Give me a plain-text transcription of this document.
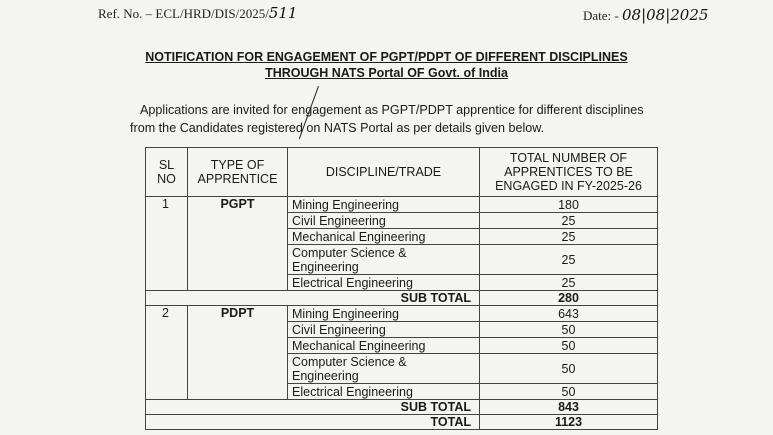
Ref. No. – ECL/HRD/DIS/2025/511	Date: - 08|08|2025
NOTIFICATION FOR ENGAGEMENT OF PGPT/PDPT OF DIFFERENT DISCIPLINES
THROUGH NATS Portal OF Govt. of India
Applications are invited for engagement as PGPT/PDPT apprentice for different disciplines from the Candidates registered on NATS Portal as per details given below.
SL NO	TYPE OF APPRENTICE	DISCIPLINE/TRADE	TOTAL NUMBER OF APPRENTICES TO BE ENGAGED IN FY-2025-26
1	PGPT	Mining Engineering	180
		Civil Engineering	25
		Mechanical Engineering	25
		Computer Science & Engineering	25
		Electrical Engineering	25
SUB TOTAL			280
2	PDPT	Mining Engineering	643
		Civil Engineering	50
		Mechanical Engineering	50
		Computer Science & Engineering	50
		Electrical Engineering	50
SUB TOTAL			843
TOTAL			1123
